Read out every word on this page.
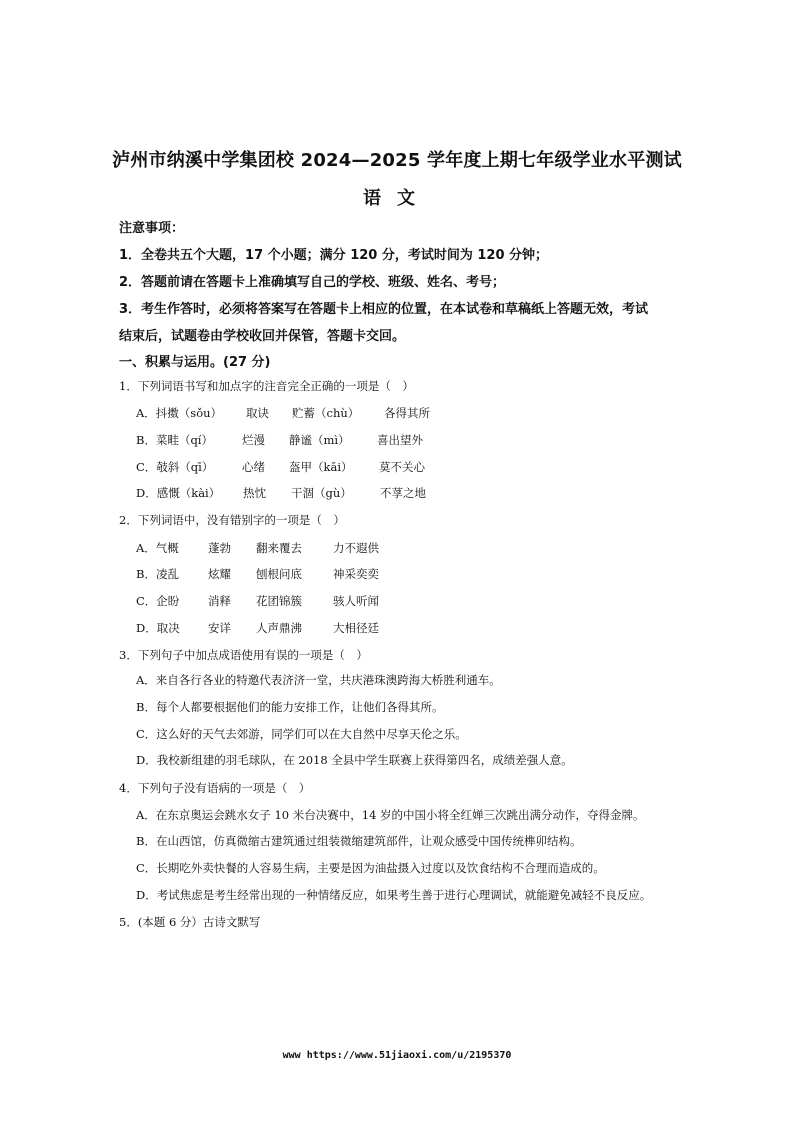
泸州市纳溪中学集团校 2024—2025 学年度上期七年级学业水平测试
语文
注意事项：
1．全卷共五个大题，17 个小题；满分 120 分，考试时间为 120 分钟；
2．答题前请在答题卡上准确填写自己的学校、班级、姓名、考号；
3．考生作答时，必须将答案写在答题卡上相应的位置，在本试卷和草稿纸上答题无效，考试
结束后，试题卷由学校收回并保管，答题卡交回。
一、积累与运用。(27 分)
1．下列词语书写和加点字的注音完全正确的一项是（　）
A．抖擞（sǒu） 取诀 贮蓄（chù） 各得其所
B．菜畦（qí）	烂漫 静谧（mì） 喜出望外
C．攲斜（qī） 心绪 盔甲（kāi） 莫不关心
D．感慨（kài） 热忱 干涸（gù） 不莩之地
2．下列词语中，没有错别字的一项是（　）
A．气概	蓬勃 翻来覆去	力不遐供
B．凌乱	炫耀 刨根问底	神采奕奕
C．企盼 消释 花团锦簇	骇人听闻
D．取决 安详 人声鼎沸	大相径廷
3．下列句子中加点成语使用有误的一项是（　）
A．来自各行各业的特邀代表济济一堂，共庆港珠澳跨海大桥胜利通车。
B．每个人都要根据他们的能力安排工作，让他们各得其所。
C．这么好的天气去郊游，同学们可以在大自然中尽享天伦之乐。
D．我校新组建的羽毛球队，在 2018 全县中学生联赛上获得第四名，成绩差强人意。
4．下列句子没有语病的一项是（　）
A．在东京奥运会跳水女子 10 米台决赛中，14 岁的中国小将全红婵三次跳出满分动作，夺得金牌。
B．在山西馆，仿真微缩古建筑通过组装微缩建筑部件，让观众感受中国传统榫卯结构。
C．长期吃外卖快餐的人容易生病，主要是因为油盐摄入过度以及饮食结构不合理而造成的。
D．考试焦虑是考生经常出现的一种情绪反应，如果考生善于进行心理调试，就能避免减轻不良反应。
5．(本题 6 分）古诗文默写
www https://www.51jiaoxi.com/u/2195370
